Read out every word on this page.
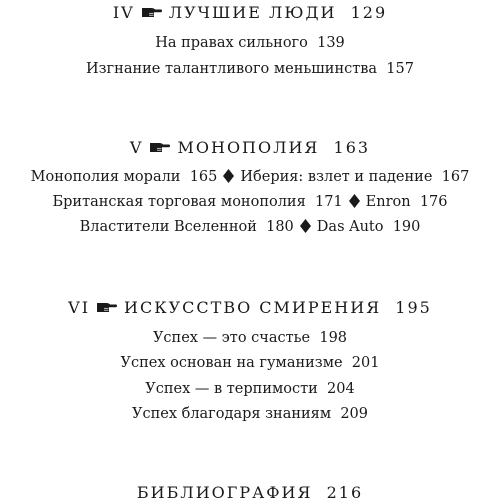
IV ЛУЧШИЕ ЛЮДИ 129
На правах сильного 139
Изгнание талантливого меньшинства 157
V МОНОПОЛИЯ 163
Монополия морали 165 Иберия: взлет и падение 167
Британская торговая монополия 171 Enron 176
Властители Вселенной 180 Das Auto 190
VI ИСКУССТВО СМИРЕНИЯ 195
Успех — это счастье 198
Успех основан на гуманизме 201
Успех — в терпимости 204
Успех благодаря знаниям 209
БИБЛИОГРАФИЯ 216
